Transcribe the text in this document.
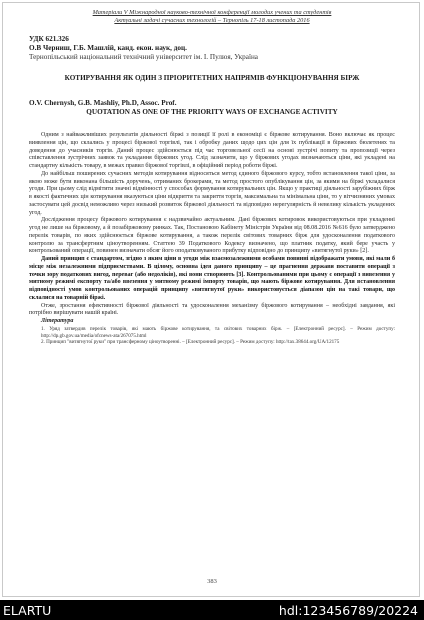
Матеріали V Міжнародної науково-технічної конференції молодих учених та студентів
Актуальні задачі сучасних технологій – Тернопіль 17-18 листопада 2016
УДК 621.326
О.В Черниш, Г.Б. Машлій, канд. екон. наук, доц.
Тернопільський національний технічний університет ім. І. Пулюя, Україна
КОТИРУВАННЯ ЯК ОДИН З ПРІОРИТЕТНИХ НАПРЯМІВ ФУНКЦІОНУВАННЯ БІРЖ
O.V. Chernysh, G.B. Mashliy, Ph.D, Assoc. Prof.
QUOTATION AS ONE OF THE PRIORITY WAYS OF EXCHANGE ACTIVITY

Одним з найважливіших результатів діяльності біржі з позиції її ролі в економіці є біржове котирування. Воно включає як процес виявлення цін, що склались у процесі біржової торгівлі, так і обробку даних щодо цих цін для їх публікації в біржових бюлетенях та доведення до учасників торгів. Даний процес здійснюється під час торговельної сесії на основі зустрічі попиту та пропозиції через співставлення зустрічних заявок та укладання біржових угод. Слід зазначити, що у біржових угодах визначаються ціни, які укладені на стандартну кількість товару, в межах правил біржової торгівлі, в офіційний період роботи біржі.

До найбільш поширених сучасних методів котирування відносяться метод єдиного біржового курсу, тобто встановлення такої ціни, за якою може бути виконана більшість доручень, отриманих брокерами, та метод простого опублікування цін, за якими на біржі укладалися угоди. При цьому слід відмітити значні відмінності у способах формування котирувальних цін. Якщо у практиці діяльності зарубіжних бірж в якості фактичних цін котирування вказуються ціни відкриття та закриття торгів, максимальна та мінімальна ціни, то у вітчизняних умовах застосувати цей досвід неможливо через низький розвиток біржової діяльності та відповідно нерегулярність й невелику кількість укладених угод.

Дослідження процесу біржового котирування є надзвичайно актуальним. Дані біржових котировок використовуються при укладенні угод не лише на біржовому, а й позабіржовому ринках. Так, Постановою Кабінету Міністрів України від 08.08.2016 №616 було затверджено перелік товарів, по яких здійснюється біржове котирування, а також перелік світових товарних бірж для удосконалення податкового контролю за трансфертним ціноутворенням. Статтею 39 Податкового Кодексу визначено, що платник податку, який бере участь у контрольований операції, повинен визначати обсяг його оподатковуваного прибутку відповідно до принципу «витягнутої руки» [2].

Даний принцип є стандартом, згідно з яким ціни в угоди між взаємозалежними особами повинні відображати умови, які мали б місце між незалежними підприємствами. В цілому, основна ідея даного принципу – це прагнення держави поставити операції з точки зору податкових вигод, переваг (або недоліків), які вони створюють [3]. Контрольованими при цьому є операції з вивезення у митному режимі експорту та/або ввезення у митному режимі імпорту товарів, що мають біржове котирування. Для встановлення відповідності умов контрольованих операцій принципу «витягнутої руки» використовується діапазон цін на такі товари, що склалися на товарній біржі.

Отже, зростання ефективності біржової діяльності та удосконалення механізму біржового котирування – необхідні завдання, які потрібно вирішувати нашій країні.

Література

1. Уряд затвердив перелік товарів, які мають біржове котирування, та світових товарних бірж. – [Електронний ресурс]. – Режим доступу: http://dp.gb.gov.ua/media/ofcnews-ata/267075.html

2. Принцип "витягнутої руки" при трансферному ціноутворенні. – [Електронний ресурс]. – Режим доступу: http://tax.38644.org/UA/12175

383
ELARTU	hdl:123456789/20224
